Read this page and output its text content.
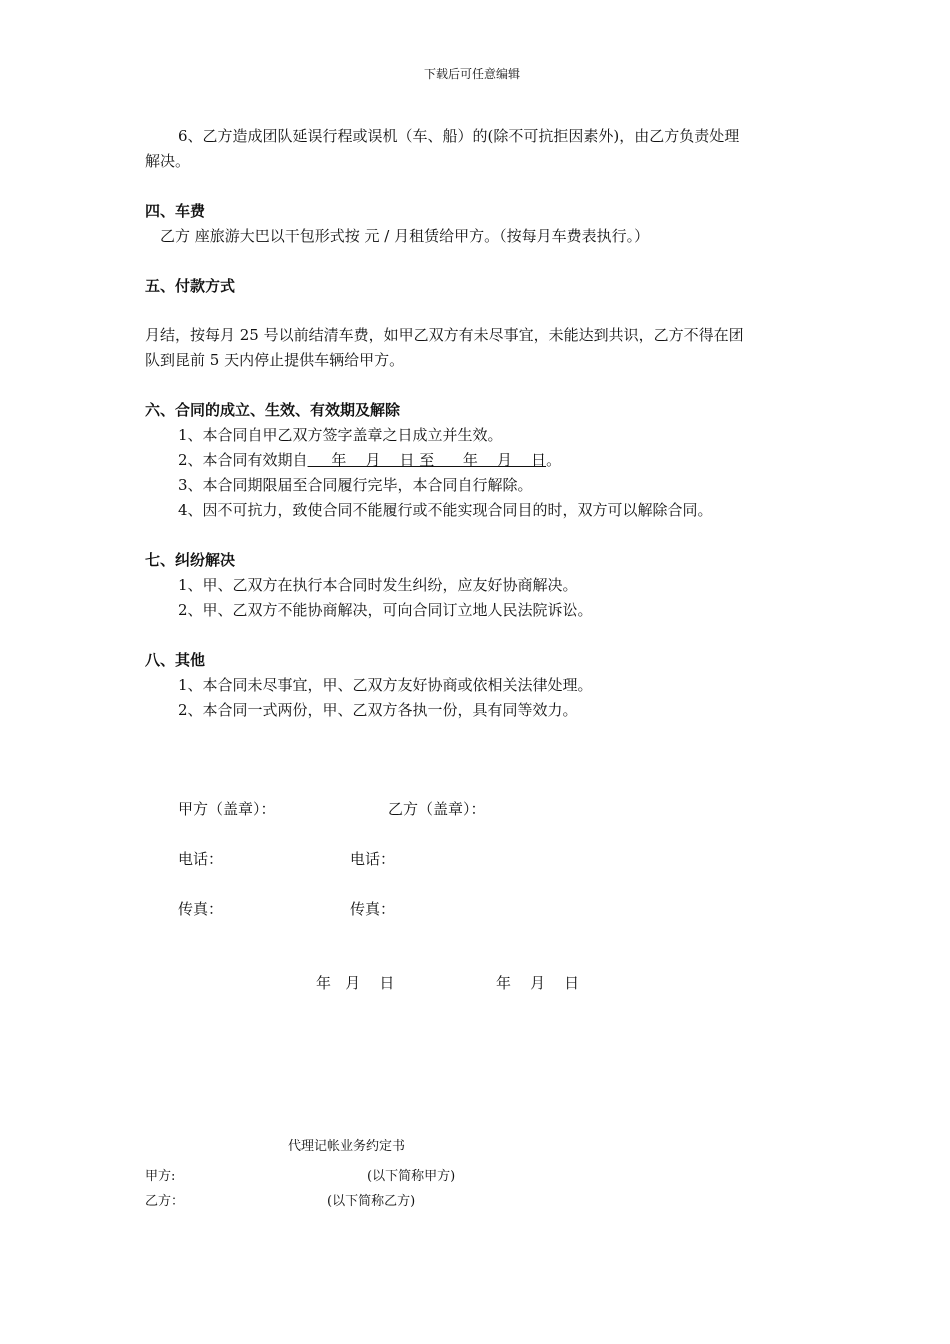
下载后可任意编辑
6、乙方造成团队延误行程或误机（车、船）的(除不可抗拒因素外)，由乙方负责处理
解决。
四、车费
乙方 座旅游大巴以干包形式按 元 / 月租赁给甲方。（按每月车费表执行。）
五、付款方式
月结，按每月 25 号以前结清车费，如甲乙双方有未尽事宜，未能达到共识，乙方不得在团
队到昆前 5 天内停止提供车辆给甲方。
六、合同的成立、生效、有效期及解除
1、本合同自甲乙双方签字盖章之日成立并生效。
2、本合同有效期自     年    月    日 至      年    月    日。
3、本合同期限届至合同履行完毕，本合同自行解除。
4、因不可抗力，致使合同不能履行或不能实现合同目的时，双方可以解除合同。
七、纠纷解决
1、甲、乙双方在执行本合同时发生纠纷，应友好协商解决。
2、甲、乙双方不能协商解决，可向合同订立地人民法院诉讼。
八、其他
1、本合同未尽事宜，甲、乙双方友好协商或依相关法律处理。
2、本合同一式两份，甲、乙双方各执一份，具有同等效力。
甲方（盖章）：	乙方（盖章）：
电话：	电话：
传真：	传真：
年   月    日	年    月    日
代理记帐业务约定书
甲方:	(以下简称甲方)
乙方：	(以下简称乙方)
